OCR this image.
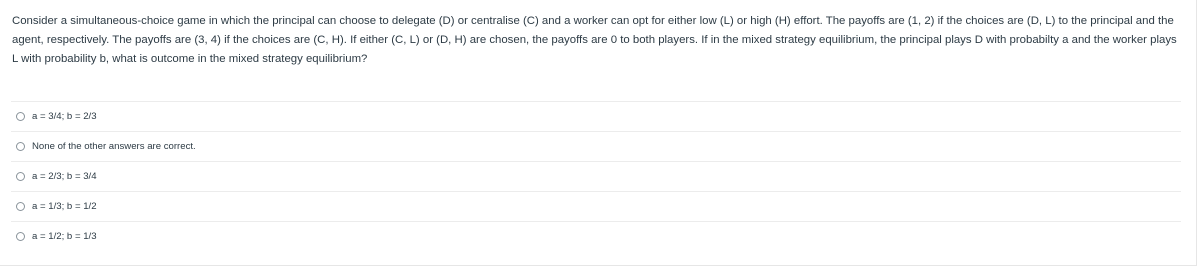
Consider a simultaneous-choice game in which the principal can choose to delegate (D) or centralise (C) and a worker can opt for either low (L) or high (H) effort. The payoffs are (1, 2) if the choices are (D, L) to the principal and the agent, respectively. The payoffs are (3, 4) if the choices are (C, H). If either (C, L) or (D, H) are chosen, the payoffs are 0 to both players. If in the mixed strategy equilibrium, the principal plays D with probabilty a and the worker plays L with probability b, what is outcome in the mixed strategy equilibrium?
a = 3/4; b = 2/3
None of the other answers are correct.
a = 2/3; b = 3/4
a = 1/3; b = 1/2
a = 1/2; b = 1/3
